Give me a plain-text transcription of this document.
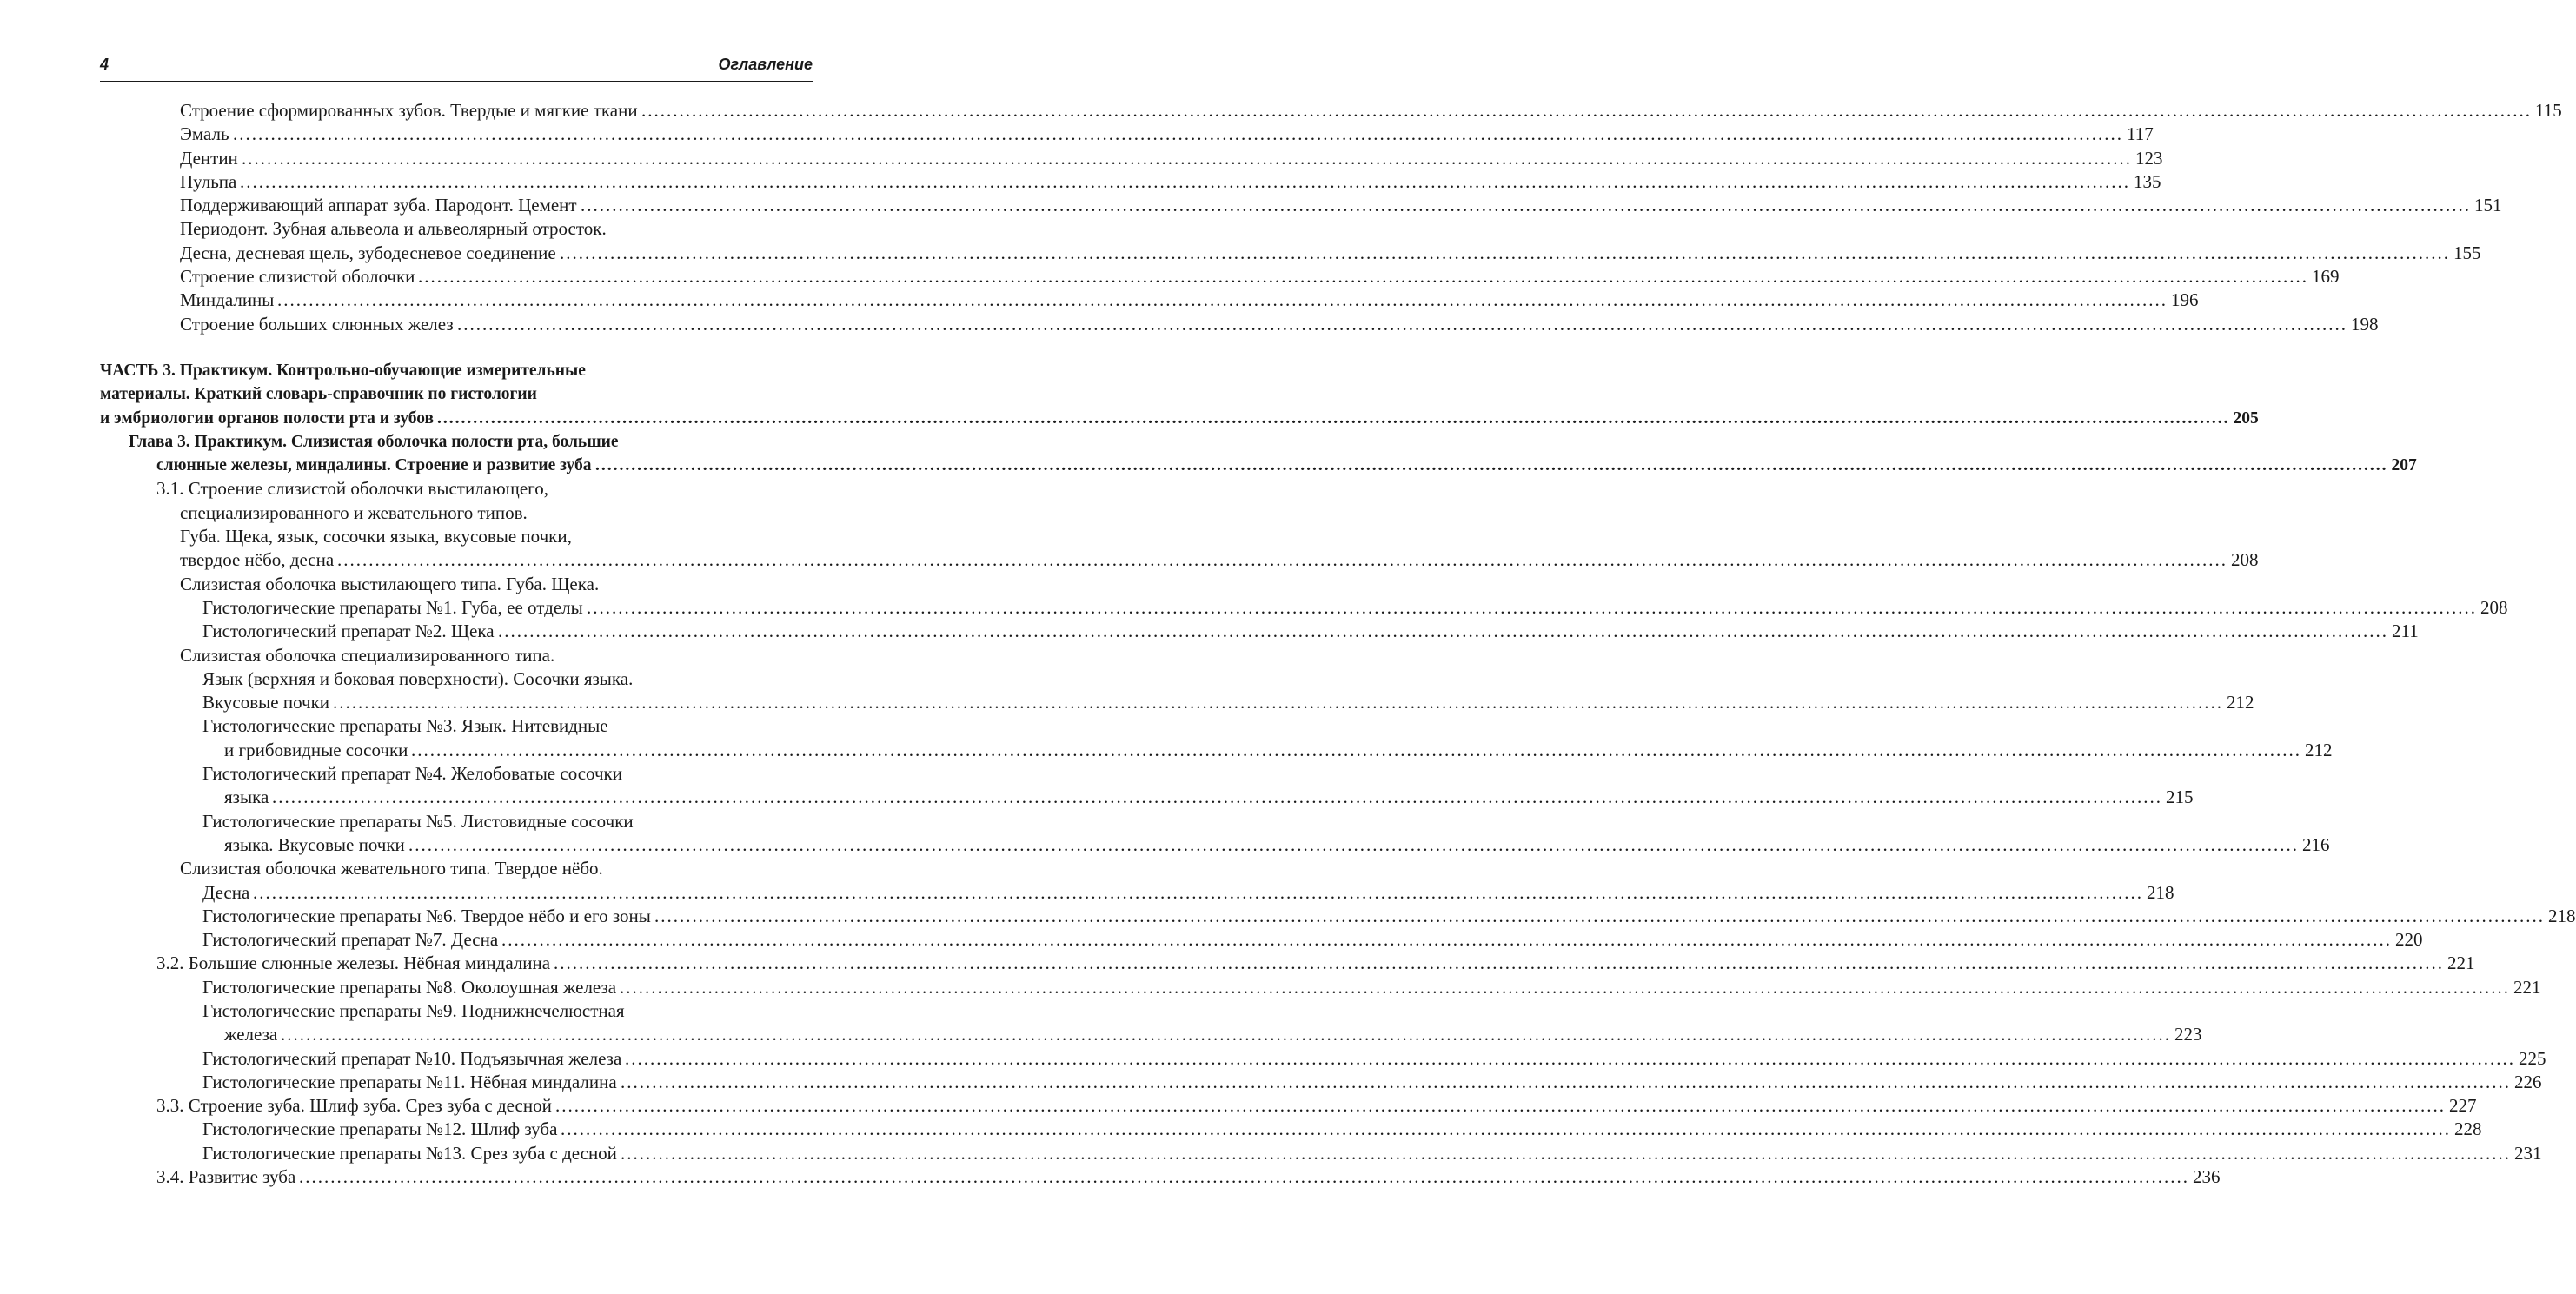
4	Оглавление
Строение сформированных зубов. Твердые и мягкие ткани ............................................................................................................................................................................................................................................................................................................ 115
Эмаль ............................................................................................................................................................................................................................................................................................................ 117
Дентин ............................................................................................................................................................................................................................................................................................................ 123
Пульпа ............................................................................................................................................................................................................................................................................................................ 135
Поддерживающий аппарат зуба. Пародонт. Цемент ............................................................................................................................................................................................................................................................................................................ 151
Периодонт. Зубная альвеола и альвеолярный отросток.
Десна, десневая щель, зубодесневое соединение ............................................................................................................................................................................................................................................................................................................ 155
Строение слизистой оболочки ............................................................................................................................................................................................................................................................................................................ 169
Миндалины ............................................................................................................................................................................................................................................................................................................ 196
Строение больших слюнных желез ............................................................................................................................................................................................................................................................................................................ 198
ЧАСТЬ 3. Практикум. Контрольно-обучающие измерительные
материалы. Краткий словарь-справочник по гистологии
и эмбриологии органов полости рта и зубов ............................................................................................................................................................................................................................................................................................................ 205
Глава 3. Практикум. Слизистая оболочка полости рта, большие
слюнные железы, миндалины. Строение и развитие зуба ............................................................................................................................................................................................................................................................................................................ 207
3.1. Строение слизистой оболочки выстилающего,
специализированного и жевательного типов.
Губа. Щека, язык, сосочки языка, вкусовые почки,
твердое нёбо, десна ............................................................................................................................................................................................................................................................................................................ 208
Слизистая оболочка выстилающего типа. Губа. Щека.
Гистологические препараты №1. Губа, ее отделы ............................................................................................................................................................................................................................................................................................................ 208
Гистологический препарат №2. Щека ............................................................................................................................................................................................................................................................................................................ 211
Слизистая оболочка специализированного типа.
Язык (верхняя и боковая поверхности). Сосочки языка.
Вкусовые почки ............................................................................................................................................................................................................................................................................................................ 212
Гистологические препараты №3. Язык. Нитевидные
и грибовидные сосочки ............................................................................................................................................................................................................................................................................................................ 212
Гистологический препарат №4. Желобоватые сосочки
языка ............................................................................................................................................................................................................................................................................................................ 215
Гистологические препараты №5. Листовидные сосочки
языка. Вкусовые почки ............................................................................................................................................................................................................................................................................................................ 216
Слизистая оболочка жевательного типа. Твердое нёбо.
Десна ............................................................................................................................................................................................................................................................................................................ 218
Гистологические препараты №6. Твердое нёбо и его зоны ............................................................................................................................................................................................................................................................................................................ 218
Гистологический препарат №7. Десна ............................................................................................................................................................................................................................................................................................................ 220
3.2. Большие слюнные железы. Нёбная миндалина ............................................................................................................................................................................................................................................................................................................ 221
Гистологические препараты №8. Околоушная железа ............................................................................................................................................................................................................................................................................................................ 221
Гистологические препараты №9. Поднижнечелюстная
железа ............................................................................................................................................................................................................................................................................................................ 223
Гистологический препарат №10. Подъязычная железа ............................................................................................................................................................................................................................................................................................................ 225
Гистологические препараты №11. Нёбная миндалина ............................................................................................................................................................................................................................................................................................................ 226
3.3. Строение зуба. Шлиф зуба. Срез зуба с десной ............................................................................................................................................................................................................................................................................................................ 227
Гистологические препараты №12. Шлиф зуба ............................................................................................................................................................................................................................................................................................................ 228
Гистологические препараты №13. Срез зуба с десной ............................................................................................................................................................................................................................................................................................................ 231
3.4. Развитие зуба ............................................................................................................................................................................................................................................................................................................ 236
